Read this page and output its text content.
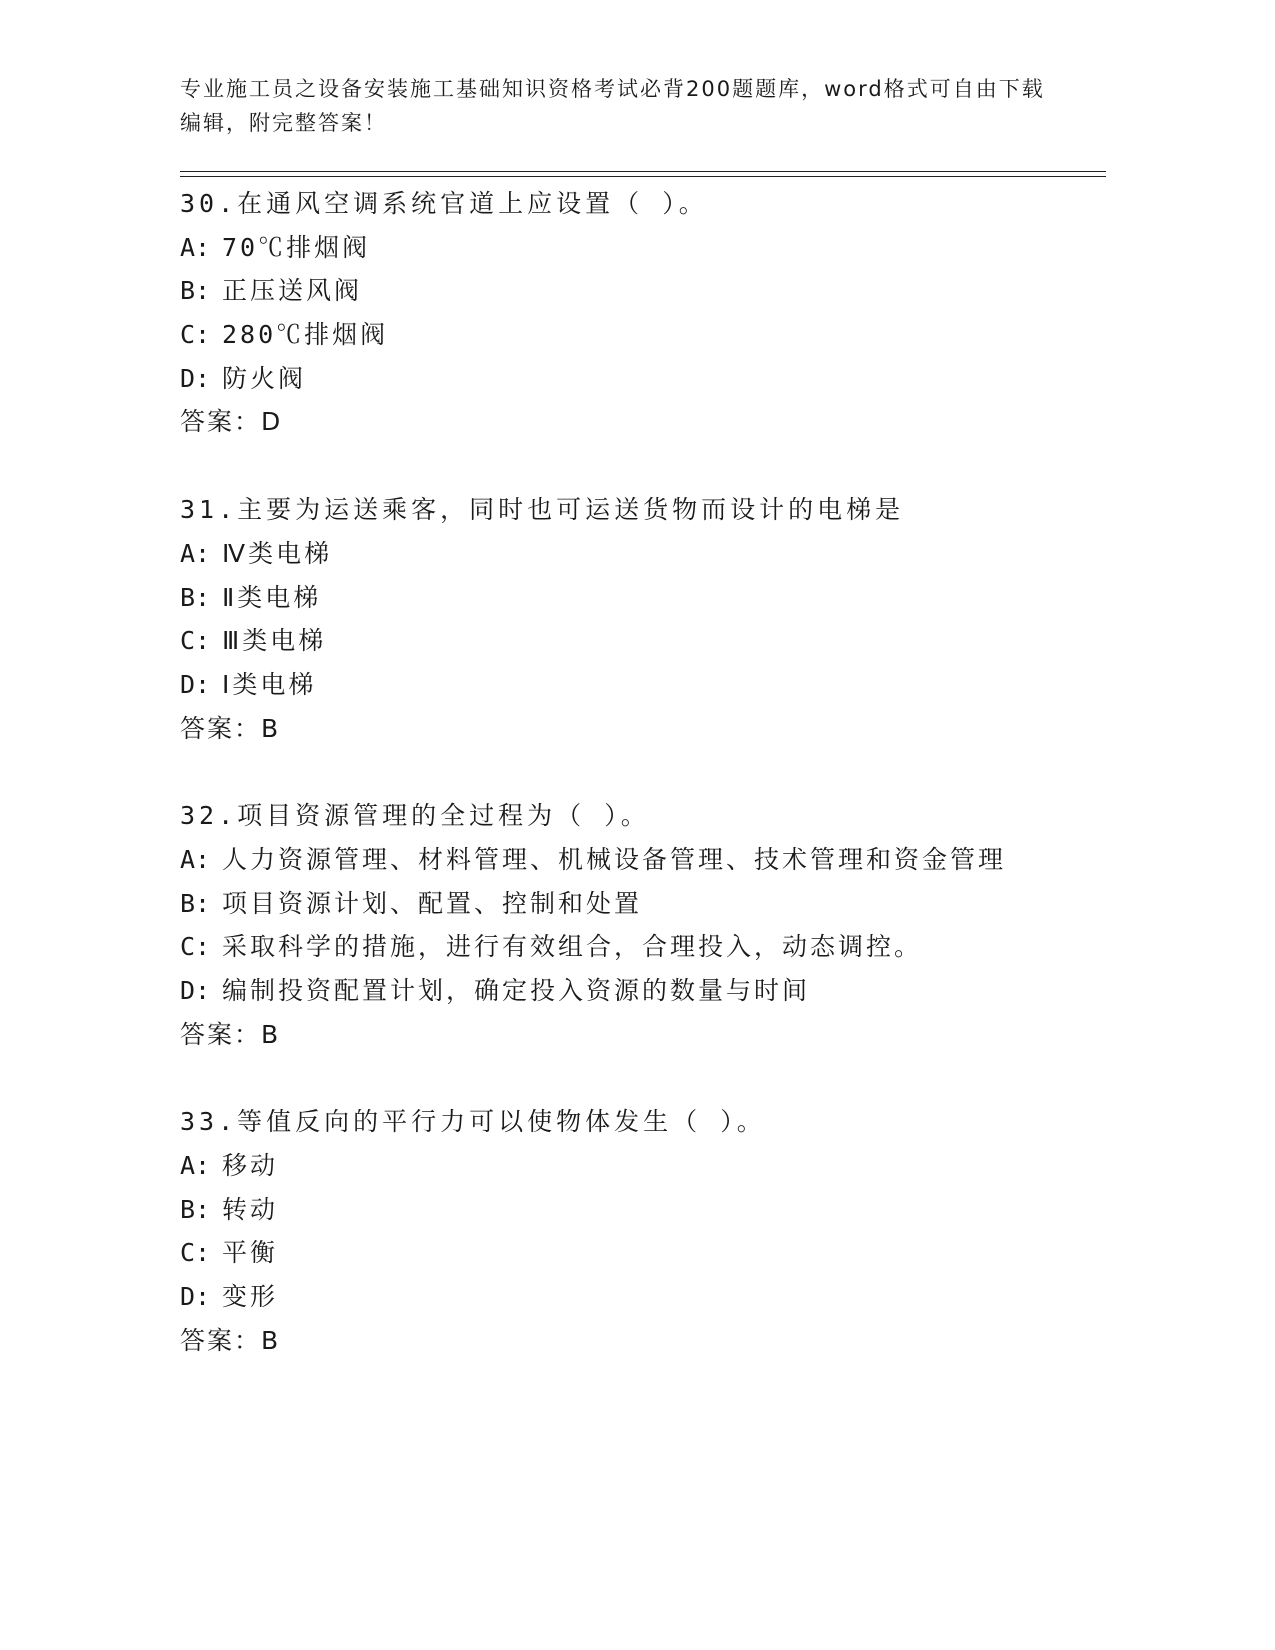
专业施工员之设备安装施工基础知识资格考试必背200题题库，word格式可自由下载编辑，附完整答案！
30.在通风空调系统官道上应设置（ ）。
A: 70℃排烟阀
B: 正压送风阀
C: 280℃排烟阀
D: 防火阀
答案：D
31.主要为运送乘客，同时也可运送货物而设计的电梯是
A: Ⅳ类电梯
B: Ⅱ类电梯
C: Ⅲ类电梯
D: Ⅰ类电梯
答案：B
32.项目资源管理的全过程为（ ）。
A: 人力资源管理、材料管理、机械设备管理、技术管理和资金管理
B: 项目资源计划、配置、控制和处置
C: 采取科学的措施，进行有效组合，合理投入，动态调控。
D: 编制投资配置计划，确定投入资源的数量与时间
答案：B
33.等值反向的平行力可以使物体发生（ ）。
A: 移动
B: 转动
C: 平衡
D: 变形
答案：B
